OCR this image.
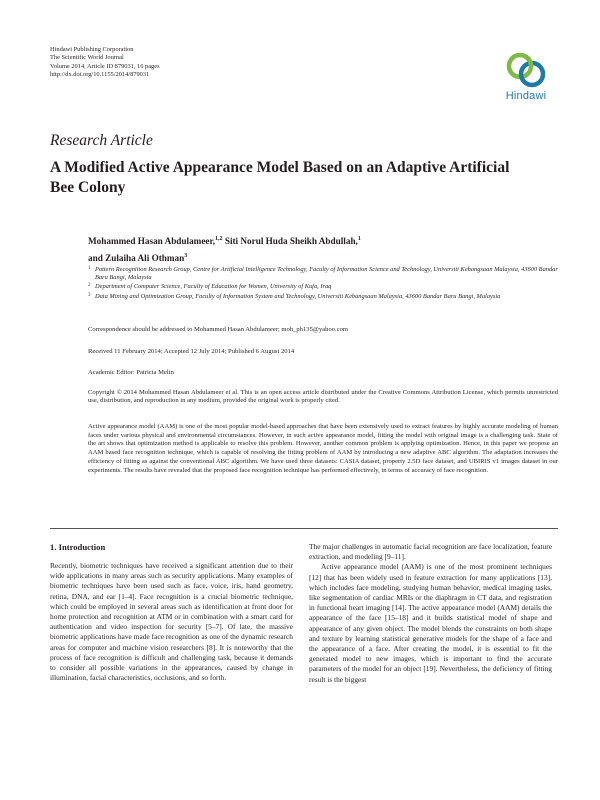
Hindawi Publishing Corporation
The Scientific World Journal
Volume 2014, Article ID 879031, 16 pages
http://dx.doi.org/10.1155/2014/879031
Hindawi
Research Article
A Modified Active Appearance Model Based on an Adaptive Artificial Bee Colony
Mohammed Hasan Abdulameer,$^{1,2}$ Siti Norul Huda Sheikh Abdullah,$^1$
and Zulaiha Ali Othman$^3$
1 Pattern Recognition Research Group, Centre for Artificial Intelligence Technology, Faculty of Information Science and Technology, Universiti Kebangsaan Malaysia, 43600 Bandar Baru Bangi, Malaysia
2 Department of Computer Science, Faculty of Education for Women, University of Kufa, Iraq
3 Data Mining and Optimization Group, Faculty of Information System and Technology, Universiti Kebangsaan Malaysia, 43600 Bandar Baru Bangi, Malaysia
Correspondence should be addressed to Mohammed Hasan Abdulameer; moh_ph135@yahoo.com
Received 11 February 2014; Accepted 12 July 2014; Published 6 August 2014
Academic Editor: Patricia Melin
Copyright © 2014 Mohammed Hasan Abdulameer et al. This is an open access article distributed under the Creative Commons Attribution License, which permits unrestricted use, distribution, and reproduction in any medium, provided the original work is properly cited.
Active appearance model (AAM) is one of the most popular model-based approaches that have been extensively used to extract features by highly accurate modeling of human faces under various physical and environmental circumstances. However, in such active appearance model, fitting the model with original image is a challenging task. State of the art shows that optimization method is applicable to resolve this problem. However, another common problem is applying optimization. Hence, in this paper we propose an AAM based face recognition technique, which is capable of resolving the fitting problem of AAM by introducing a new adaptive ABC algorithm. The adaptation increases the efficiency of fitting as against the conventional ABC algorithm. We have used three datasets: CASIA dataset, property 2.5D face dataset, and UBIRIS v1 images dataset in our experiments. The results have revealed that the proposed face recognition technique has performed effectively, in terms of accuracy of face recognition.
1. Introduction
Recently, biometric techniques have received a significant attention due to their wide applications in many areas such as security applications. Many examples of biometric techniques have been used such as face, voice, iris, hand geometry, retina, DNA, and ear [1–4]. Face recognition is a crucial biometric technique, which could be employed in several areas such as identification at front door for home protection and recognition at ATM or in combination with a smart card for authentication and video inspection for security [5–7]. Of late, the massive biometric applications have made face recognition as one of the dynamic research areas for computer and machine vision researchers [8]. It is noteworthy that the process of face recognition is difficult and challenging task, because it demands to consider all possible variations in the appearances, caused by change in illumination, facial characteristics, occlusions, and so forth.
The major challenges in automatic facial recognition are face localization, feature extraction, and modeling [9–11].
Active appearance model (AAM) is one of the most prominent techniques [12] that has been widely used in feature extraction for many applications [13], which includes face modeling, studying human behavior, medical imaging tasks, like segmentation of cardiac MRIs or the diaphragm in CT data, and registration in functional heart imaging [14]. The active appearance model (AAM) details the appearance of the face [15–18] and it builds statistical model of shape and appearance of any given object. The model blends the constraints on both shape and texture by learning statistical generative models for the shape of a face and the appearance of a face. After creating the model, it is essential to fit the generated model to new images, which is important to find the accurate parameters of the model for an object [19]. Nevertheless, the deficiency of fitting result is the biggest
